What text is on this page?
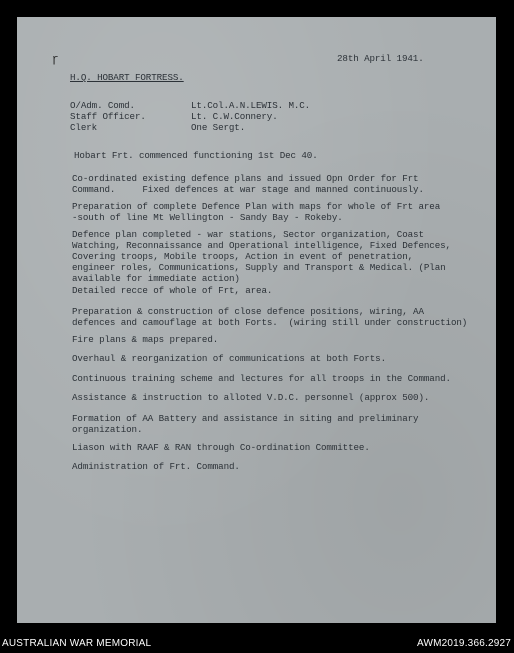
ɼ	28th April 1941.
H.Q. HOBART FORTRESS.
O/Adm. Comd.	Lt.Col.A.N.LEWIS. M.C.
Staff Officer.	Lt. C.W.Connery.
Clerk	One Sergt.
Hobart Frt. commenced functioning 1st Dec 40.
Co-ordinated existing defence plans and issued Opn Order for Frt
Command.     Fixed defences at war stage and manned continuously.
Preparation of complete Defence Plan with maps for whole of Frt area
-south of line Mt Wellington - Sandy Bay - Rokeby.
Defence plan completed - war stations, Sector organization, Coast
Watching, Reconnaissance and Operational intelligence, Fixed Defences,
Covering troops, Mobile troops, Action in event of penetration,
engineer roles, Communications, Supply and Transport & Medical. (Plan
available for immediate action)
Detailed recce of whole of Frt, area.
Preparation & construction of close defence positions, wiring, AA
defences and camouflage at both Forts.  (wiring still under construction)
Fire plans & maps prepared.
Overhaul & reorganization of communications at both Forts.
Continuous training scheme and lectures for all troops in the Command.
Assistance & instruction to alloted V.D.C. personnel (approx 500).
Formation of AA Battery and assistance in siting and preliminary
organization.
Liason with RAAF & RAN through Co-ordination Committee.
Administration of Frt. Command.
AUSTRALIAN WAR MEMORIAL	AWM2019.366.2927
